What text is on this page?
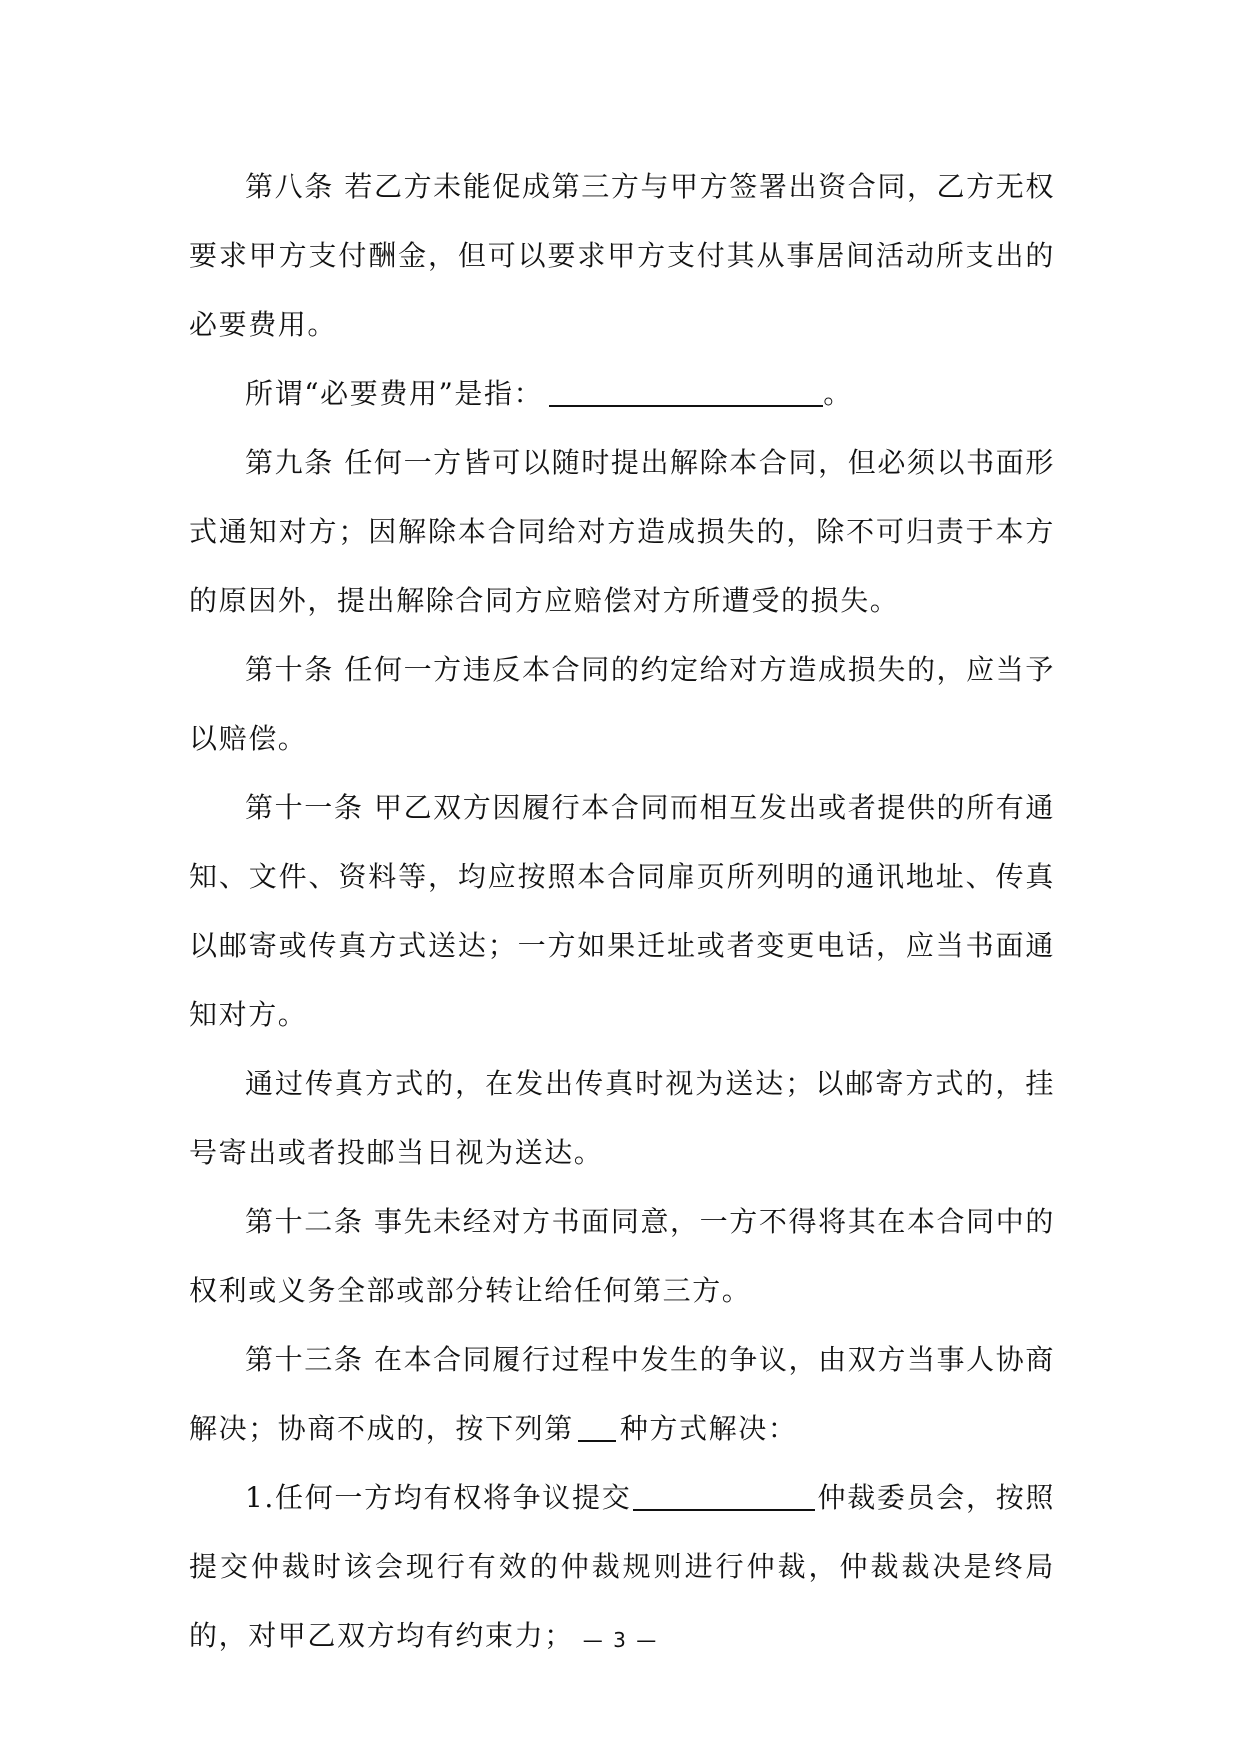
第八条 若乙方未能促成第三方与甲方签署出资合同，乙方无权要求甲方支付酬金，但可以要求甲方支付其从事居间活动所支出的必要费用。

所谓“必要费用”是指：	。

第九条 任何一方皆可以随时提出解除本合同，但必须以书面形式通知对方；因解除本合同给对方造成损失的，除不可归责于本方的原因外，提出解除合同方应赔偿对方所遭受的损失。

第十条 任何一方违反本合同的约定给对方造成损失的，应当予以赔偿。

第十一条 甲乙双方因履行本合同而相互发出或者提供的所有通知、文件、资料等，均应按照本合同扉页所列明的通讯地址、传真以邮寄或传真方式送达；一方如果迁址或者变更电话，应当书面通知对方。

通过传真方式的，在发出传真时视为送达；以邮寄方式的，挂号寄出或者投邮当日视为送达。

第十二条 事先未经对方书面同意，一方不得将其在本合同中的权利或义务全部或部分转让给任何第三方。

第十三条 在本合同履行过程中发生的争议，由双方当事人协商解决；协商不成的，按下列第 种方式解决：

1.任何一方均有权将争议提交	仲裁委员会，按照提交仲裁时该会现行有效的仲裁规则进行仲裁，仲裁裁决是终局的，对甲乙双方均有约束力； — 3 —
